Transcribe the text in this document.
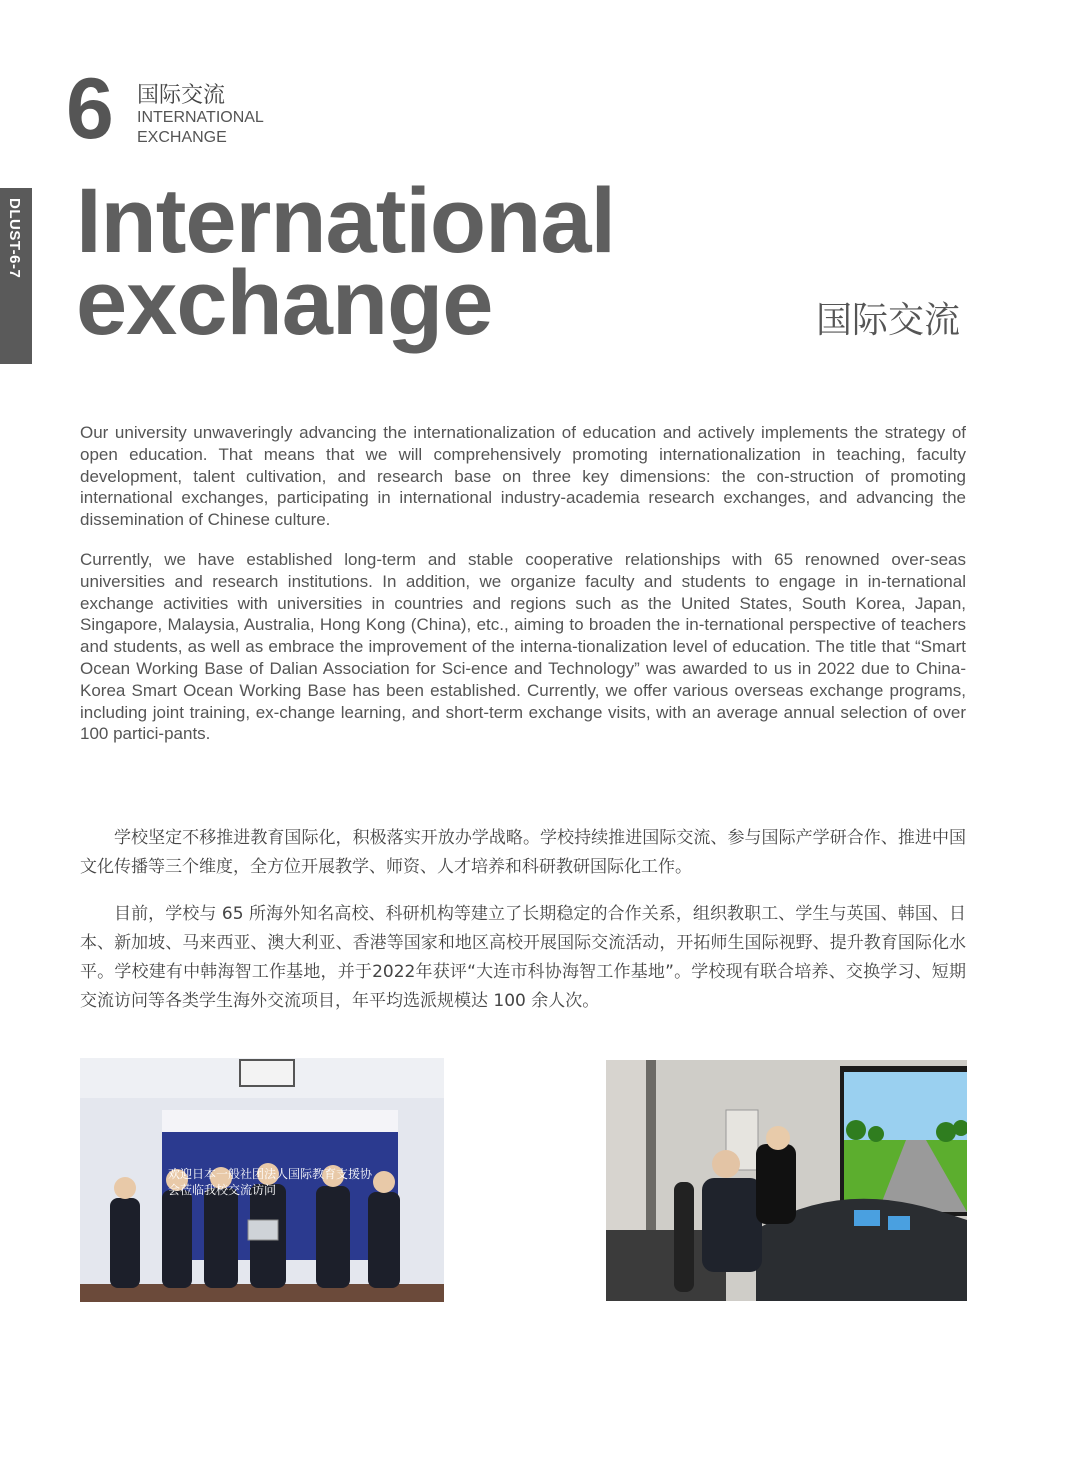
DLUST-6-7
6 国际交流
INTERNATIONAL
EXCHANGE
International
exchange	国际交流

Our university unwaveringly advancing the internationalization of education and actively implements the strategy of open education. That means that we will comprehensively promoting internationalization in teaching, faculty development, talent cultivation, and research base on three key dimensions: the con-struction of promoting international exchanges, participating in international industry-academia research exchanges, and advancing the dissemination of Chinese culture.

Currently, we have established long-term and stable cooperative relationships with 65 renowned over-seas universities and research institutions. In addition, we organize faculty and students to engage in in-ternational exchange activities with universities in countries and regions such as the United States, South Korea, Japan, Singapore, Malaysia, Australia, Hong Kong (China), etc., aiming to broaden the in-ternational perspective of teachers and students, as well as embrace the improvement of the interna-tionalization level of education. The title that “Smart Ocean Working Base of Dalian Association for Sci-ence and Technology” was awarded to us in 2022 due to China-Korea Smart Ocean Working Base has been established. Currently, we offer various overseas exchange programs, including joint training, ex-change learning, and short-term exchange visits, with an average annual selection of over 100 partici-pants.

学校坚定不移推进教育国际化，积极落实开放办学战略。学校持续推进国际交流、参与国际产学研合作、推进中国文化传播等三个维度，全方位开展教学、师资、人才培养和科研教研国际化工作。

目前，学校与 65 所海外知名高校、科研机构等建立了长期稳定的合作关系，组织教职工、学生与英国、韩国、日本、新加坡、马来西亚、澳大利亚、香港等国家和地区高校开展国际交流活动，开拓师生国际视野、提升教育国际化水平。学校建有中韩海智工作基地，并于2022年获评“大连市科协海智工作基地”。学校现有联合培养、交换学习、短期交流访问等各类学生海外交流项目，年平均选派规模达 100 余人次。

欢迎日本一般社团法人国际教育支援协
会莅临我校交流访问
